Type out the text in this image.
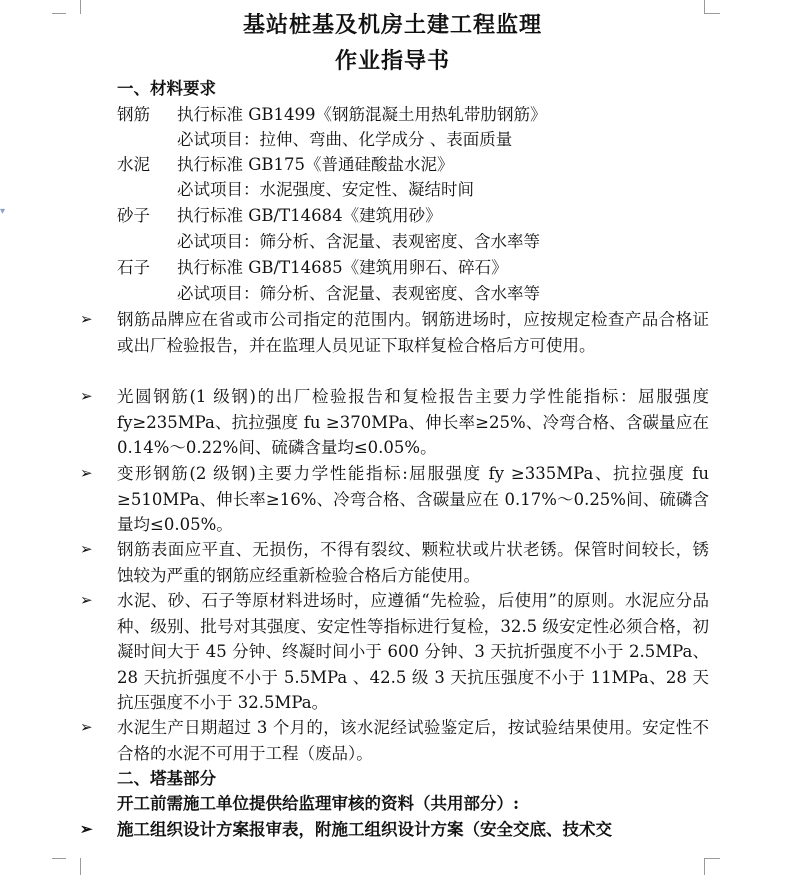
▾
基站桩基及机房土建工程监理
作业指导书
一、材料要求
钢筋 执行标准 GB1499《钢筋混凝土用热轧带肋钢筋》
必试项目：拉伸、弯曲、化学成分 、表面质量
水泥 执行标准 GB175《普通硅酸盐水泥》
必试项目：水泥强度、安定性、凝结时间
砂子 执行标准 GB/T14684《建筑用砂》
必试项目：筛分析、含泥量、表观密度、含水率等
石子 执行标准 GB/T14685《建筑用卵石、碎石》
必试项目：筛分析、含泥量、表观密度、含水率等
➢ 钢筋品牌应在省或市公司指定的范围内。钢筋进场时，应按规定检查产品合格证或出厂检验报告，并在监理人员见证下取样复检合格后方可使用。
➢ 光圆钢筋(1 级钢)的出厂检验报告和复检报告主要力学性能指标：屈服强度 fy≥235MPa、抗拉强度 fu ≥370MPa、伸长率≥25%、冷弯合格、含碳量应在 0.14%～0.22%间、硫磷含量均≤0.05%。
➢ 变形钢筋(2 级钢)主要力学性能指标:屈服强度 fy ≥335MPa、抗拉强度 fu ≥510MPa、伸长率≥16%、冷弯合格、含碳量应在 0.17%～0.25%间、硫磷含量均≤0.05%。
➢ 钢筋表面应平直、无损伤，不得有裂纹、颗粒状或片状老锈。保管时间较长，锈蚀较为严重的钢筋应经重新检验合格后方能使用。
➢ 水泥、砂、石子等原材料进场时，应遵循“先检验，后使用”的原则。水泥应分品种、级别、批号对其强度、安定性等指标进行复检，32.5 级安定性必须合格，初凝时间大于 45 分钟、终凝时间小于 600 分钟、3 天抗折强度不小于 2.5MPa、28 天抗折强度不小于 5.5MPa 、42.5 级 3 天抗压强度不小于 11MPa、28 天抗压强度不小于 32.5MPa。
➢ 水泥生产日期超过 3 个月的，该水泥经试验鉴定后，按试验结果使用。安定性不合格的水泥不可用于工程（废品）。
二、塔基部分
开工前需施工单位提供给监理审核的资料（共用部分）:
➢ 施工组织设计方案报审表，附施工组织设计方案（安全交底、技术交
